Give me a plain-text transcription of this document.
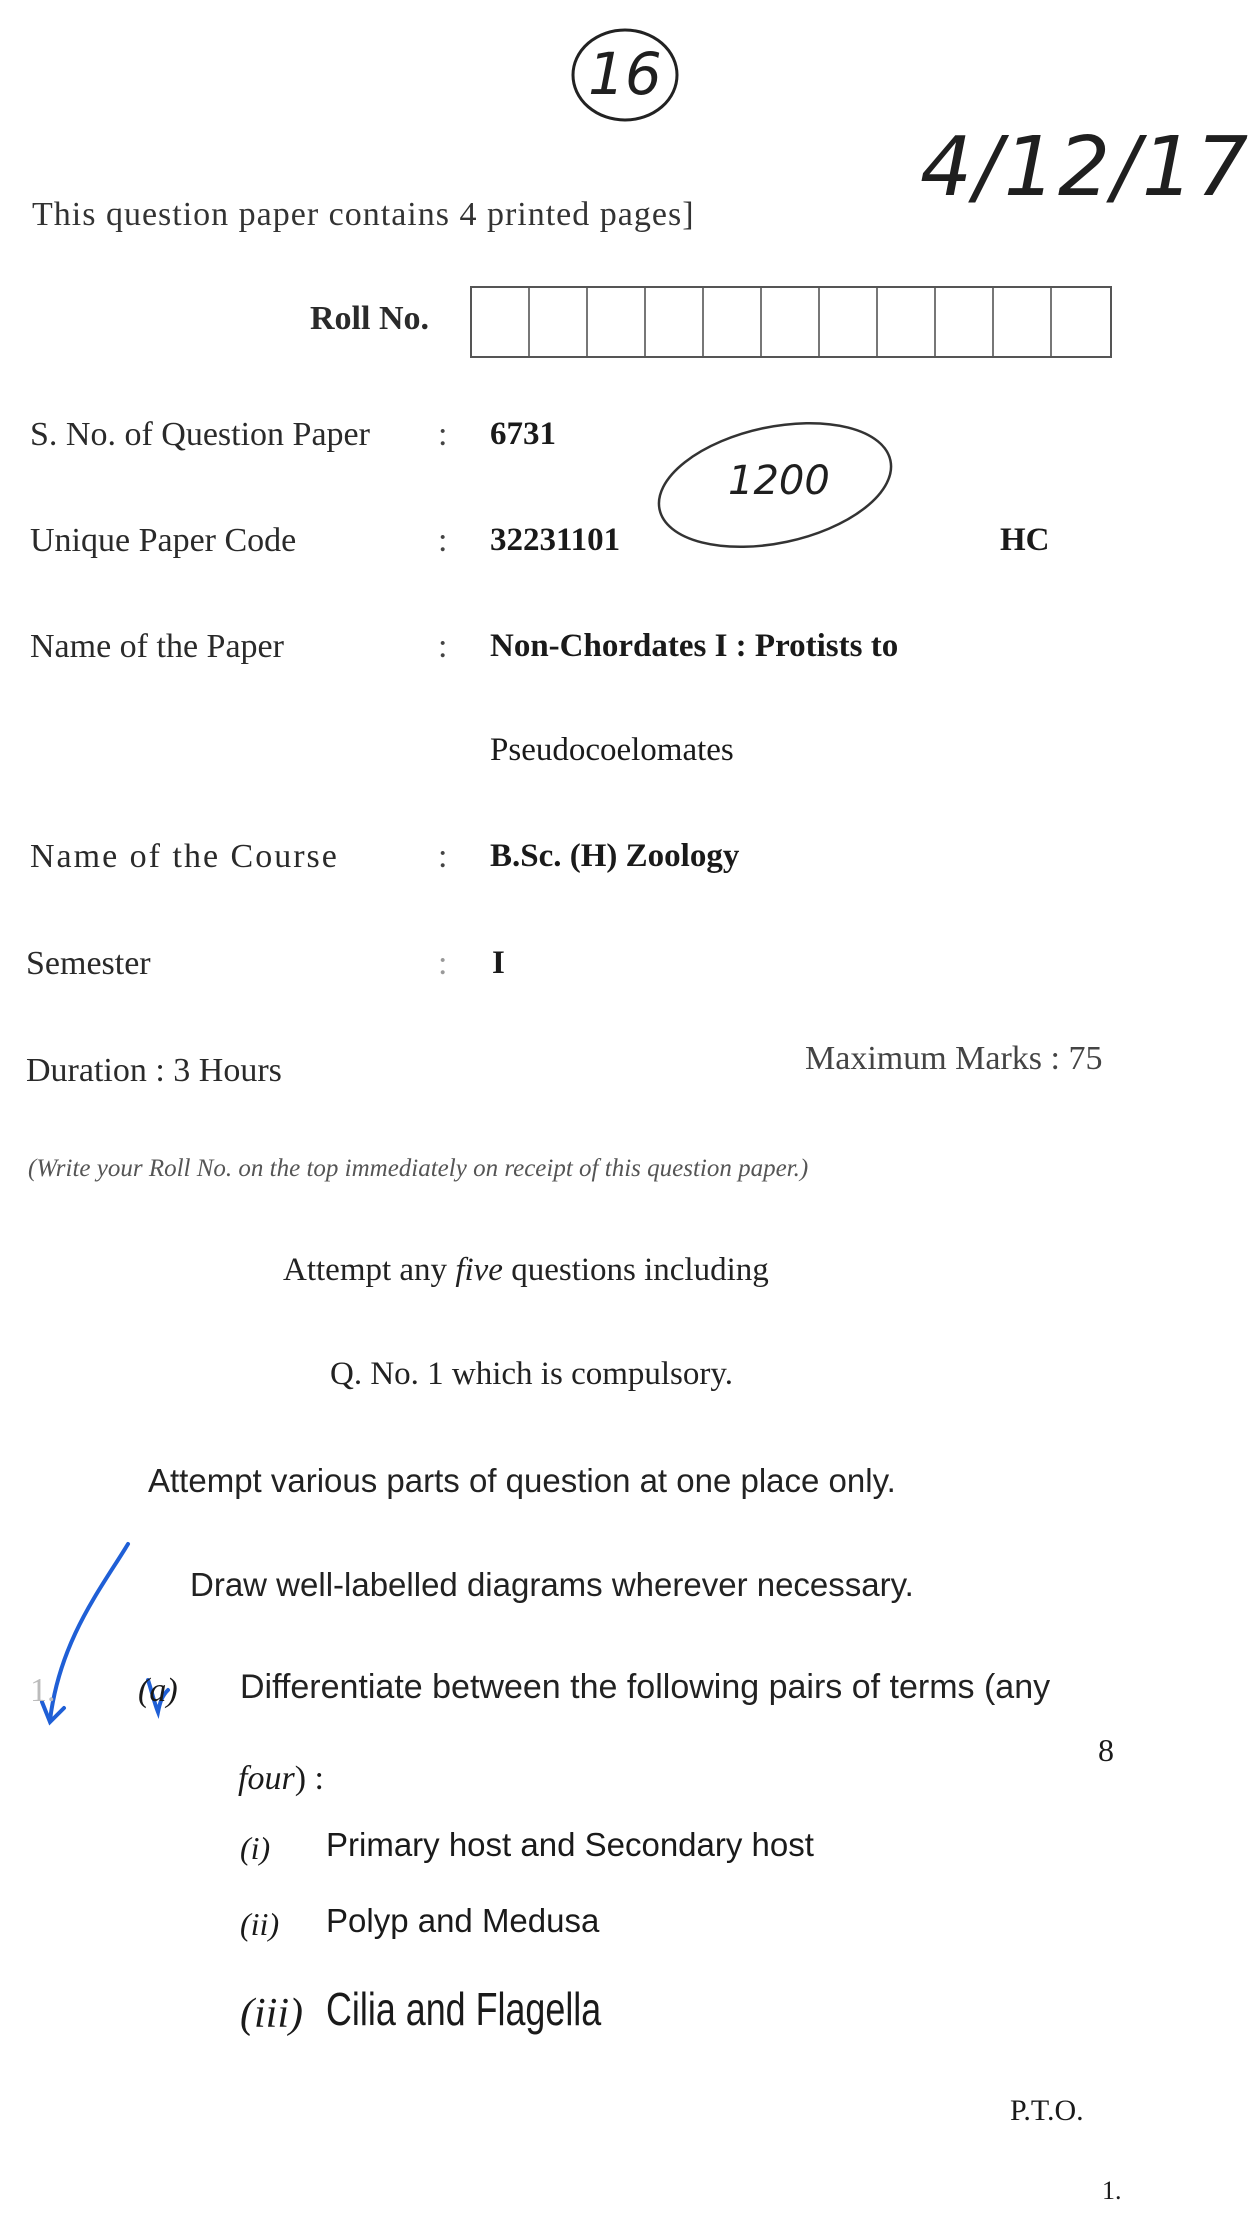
16
4/12/17
This question paper contains 4 printed pages]
Roll No.
S. No. of Question Paper : 6731
1200
Unique Paper Code	: 32231101	HC
Name of the Paper	: Non-Chordates I : Protists to
Pseudocoelomates
Name of the Course	: B.Sc. (H) Zoology
Semester	: I
Duration : 3 Hours	Maximum Marks : 75
(Write your Roll No. on the top immediately on receipt of this question paper.)
Attempt any five questions including
Q. No. 1 which is compulsory.
Attempt various parts of question at one place only.
Draw well-labelled diagrams wherever necessary.
1. (a) Differentiate between the following pairs of terms (any
four) :
8
(i) Primary host and Secondary host
(ii) Polyp and Medusa
(iii) Cilia and Flagella
P.T.O.
1.
